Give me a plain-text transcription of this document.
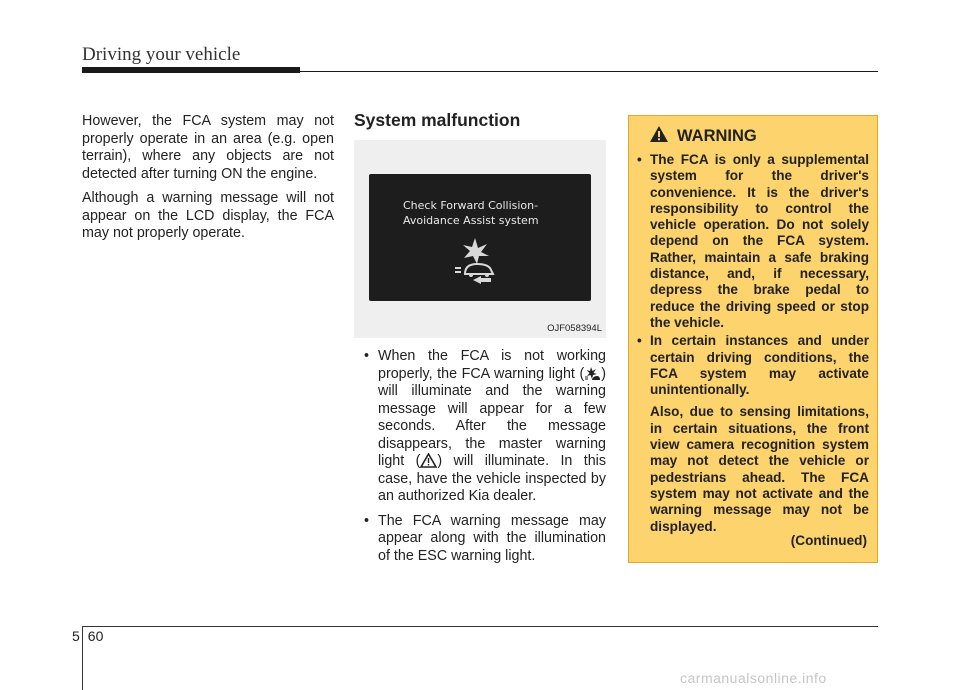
Driving your vehicle

However, the FCA system may not properly operate in an area (e.g. open terrain), where any objects are not detected after turning ON the engine.

Although a warning message will not appear on the LCD display, the FCA may not properly operate.

System malfunction
Check Forward Collision-
Avoidance Assist system
OJF058394L

• When the FCA is not working properly, the FCA warning light ( ) will illuminate and the warning message will appear for a few seconds. After the message disappears, the master warning light ( ) will illuminate. In this case, have the vehicle inspected by an authorized Kia dealer.

• The FCA warning message may appear along with the illumination of the ESC warning light.

WARNING

• The FCA is only a supplemental system for the driver's convenience. It is the driver's responsibility to control the vehicle operation. Do not solely depend on the FCA system. Rather, maintain a safe braking distance, and, if necessary, depress the brake pedal to reduce the driving speed or stop the vehicle.

• In certain instances and under certain driving conditions, the FCA system may activate unintentionally.

Also, due to sensing limitations, in certain situations, the front view camera recognition system may not detect the vehicle or pedestrians ahead. The FCA system may not activate and the warning message may not be displayed.

(Continued)
5 60
carmanualsonline.info
